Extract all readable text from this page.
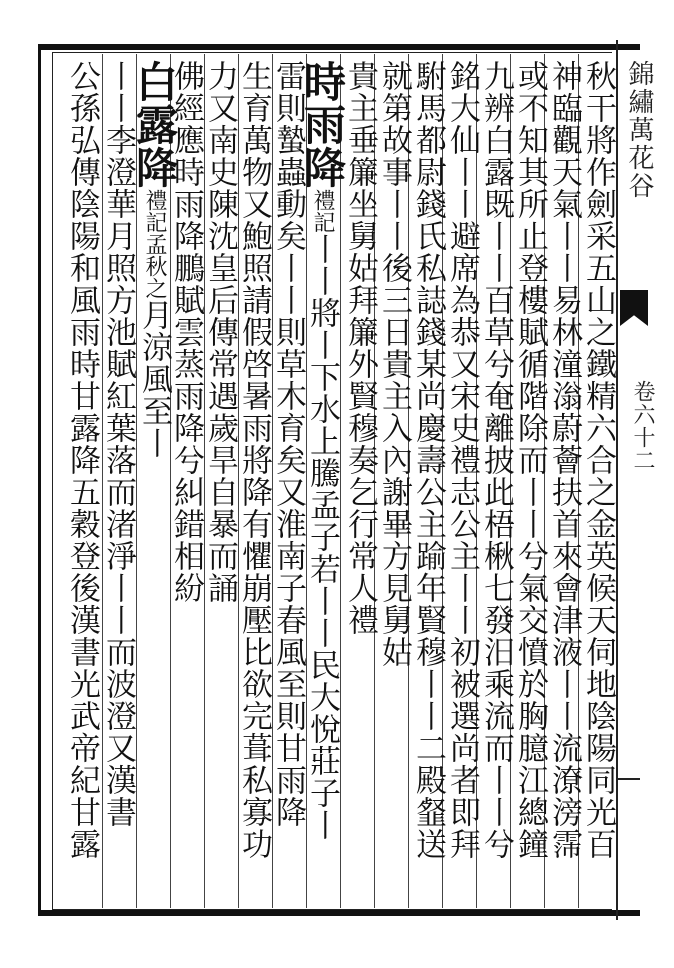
錦繡萬花谷
卷六十二
秋干將作劍采五山之鐵精六合之金英候天伺地陰陽同光百
神臨觀天氣丨丨易林潼滃蔚薈扶首來會津液丨丨流潦滂霈
或不知其所止登樓賦循階除而丨丨兮氣交憤於胸臆江總鐘
九辨白露既丨丨百草兮奄離披此梧楸七發汨乘流而丨丨兮
銘大仙丨丨避席為恭又宋史禮志公主丨丨初被選尚者即拜
駙馬都尉錢氏私誌錢某尚慶壽公主踰年賢穆丨丨二殿韰送
就第故事丨丨後三日貴主入內謝畢方見舅姑
貴主垂簾坐舅姑拜簾外賢穆奏乞行常人禮
時雨降禮記丨丨將丨下水上騰孟子若丨丨民大悅莊子丨
雷則蟄蟲動矣丨丨則草木育矣又淮南子春風至則甘雨降
生育萬物又鮑照請假啓暑雨將降有懼崩壓比欲完葺私寡功
力又南史陳沈皇后傳常遇歲旱自暴而誦
佛經應時雨降鵬賦雲蒸雨降兮糾錯相紛
丨丨李澄華月照方池賦紅葉落而渚淨丨丨而波澄又漢書
公孫弘傳陰陽和風雨時甘露降五穀登後漢書光武帝紀甘露 白露降禮記孟秋之月涼風至丨
